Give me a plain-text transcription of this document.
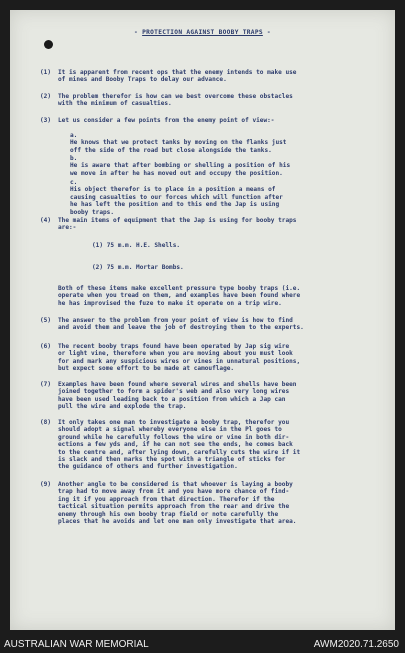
- PROTECTION AGAINST BOOBY TRAPS -
(1) It is apparent from recent ops that the enemy intends to make use
of mines and Booby Traps to delay our advance.
(2) The problem therefor is how can we best overcome these obstacles
with the minimum of casualties.
(3) Let us consider a few points from the enemy point of view:-
a.He knows that we protect tanks by moving on the flanks just
off the side of the road but close alongside the tanks.
b.He is aware that after bombing or shelling a position of his
we move in after he has moved out and occupy the position.
c.His object therefor is to place in a position a means of
causing casualties to our forces which will function after
he has left the position and to this end the Jap is using
booby traps.
(4) The main items of equipment that the Jap is using for booby traps
are:-
(1) 75 m.m. H.E. Shells.
(2) 75 m.m. Mortar Bombs.
Both of these items make excellent pressure type booby traps (i.e.
operate when you tread on them, and examples have been found where
he has improvised the fuze to make it operate on a trip wire.
(5) The answer to the problem from your point of view is how to find
and avoid them and leave the job of destroying them to the experts.
(6) The recent booby traps found have been operated by Jap sig wire
or light vine, therefore when you are moving about you must look
for and mark any suspicious wires or vines in unnatural positions,
but expect some effort to be made at camouflage.
(7) Examples have been found where several wires and shells have been
joined together to form a spider's web and also very long wires
have been used leading back to a position from which a Jap can
pull the wire and explode the trap.
(8) It only takes one man to investigate a booby trap, therefor you
should adopt a signal whereby everyone else in the Pl goes to
ground while he carefully follows the wire or vine in both dir-
ections a few yds and, if he can not see the ends, he comes back
to the centre and, after lying down, carefully cuts the wire if it
is slack and then marks the spot with a triangle of sticks for
the guidance of others and further investigation.
(9) Another angle to be considered is that whoever is laying a booby
trap had to move away from it and you have more chance of find-
ing it if you approach from that direction. Therefor if the
tactical situation permits approach from the rear and drive the
enemy through his own booby trap field or note carefully the
places that he avoids and let one man only investigate that area.
AUSTRALIAN WAR MEMORIAL	AWM2020.71.2650
